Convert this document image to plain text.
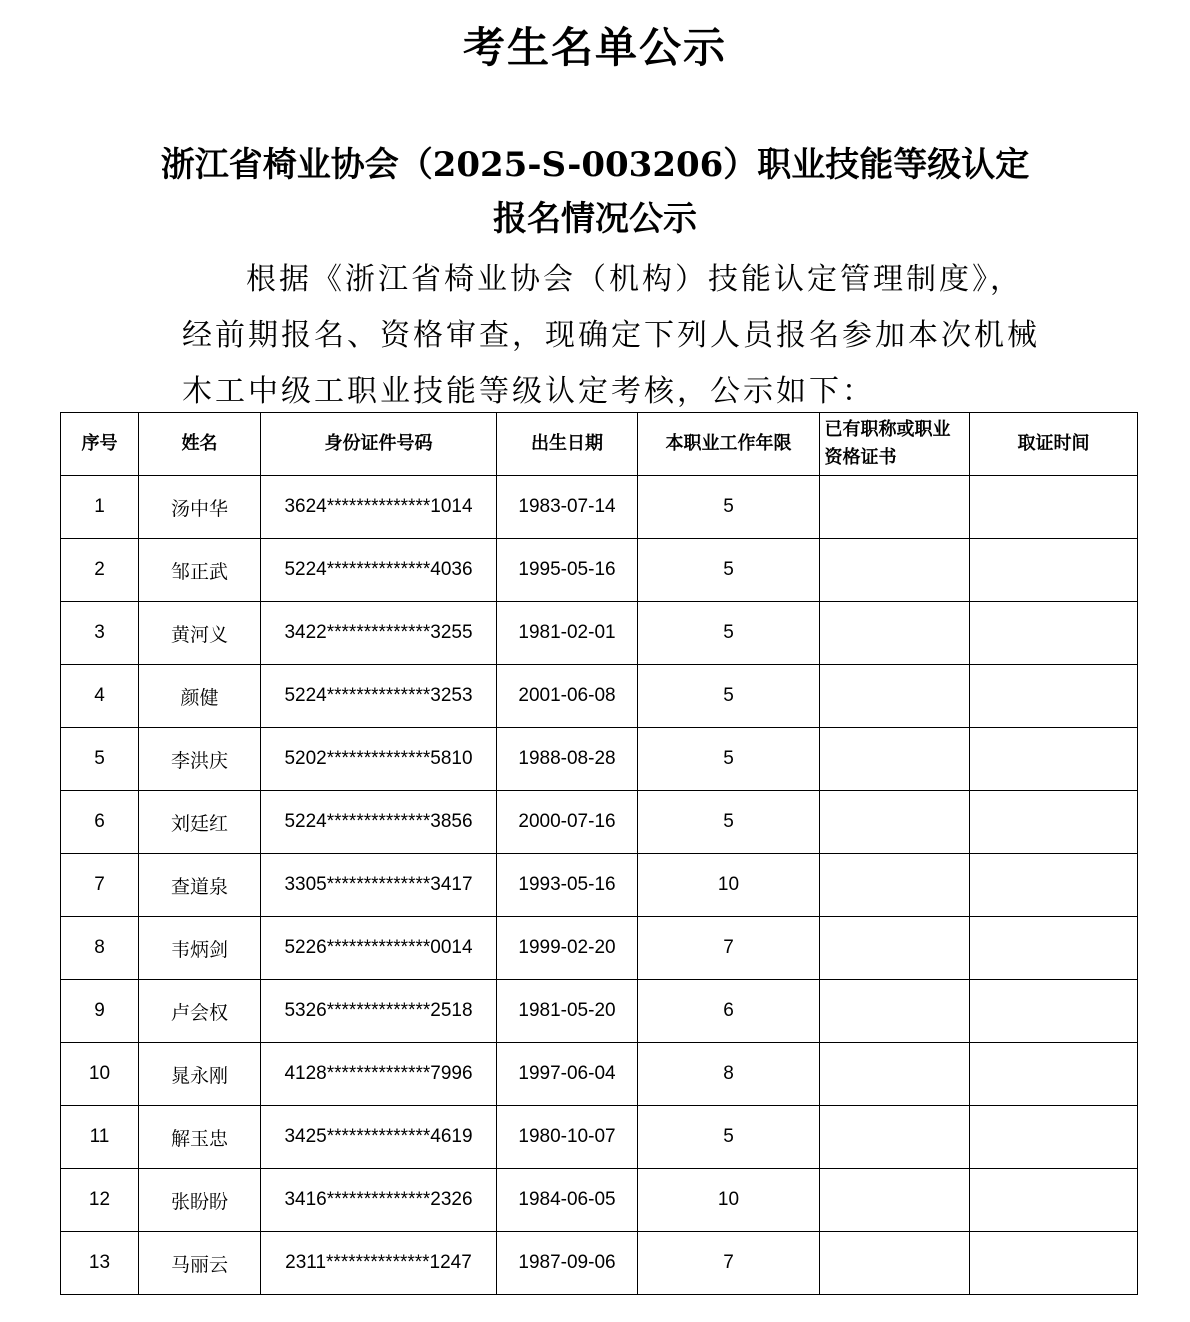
考生名单公示
浙江省椅业协会（2025-S-003206）职业技能等级认定
报名情况公示
根据《浙江省椅业协会（机构）技能认定管理制度》，
经前期报名、资格审查，现确定下列人员报名参加本次机械
木工中级工职业技能等级认定考核，公示如下：
序号	姓名	身份证件号码	出生日期	本职业工作年限	已有职称或职业资格证书	取证时间
1	汤中华	3624**************1014	1983-07-14	5		
2	邹正武	5224**************4036	1995-05-16	5		
3	黄河义	3422**************3255	1981-02-01	5		
4	颜健	5224**************3253	2001-06-08	5		
5	李洪庆	5202**************5810	1988-08-28	5		
6	刘廷红	5224**************3856	2000-07-16	5		
7	查道泉	3305**************3417	1993-05-16	10		
8	韦炳剑	5226**************0014	1999-02-20	7		
9	卢会权	5326**************2518	1981-05-20	6		
10	晁永刚	4128**************7996	1997-06-04	8		
11	解玉忠	3425**************4619	1980-10-07	5		
12	张盼盼	3416**************2326	1984-06-05	10		
13	马丽云	2311**************1247	1987-09-06	7		
